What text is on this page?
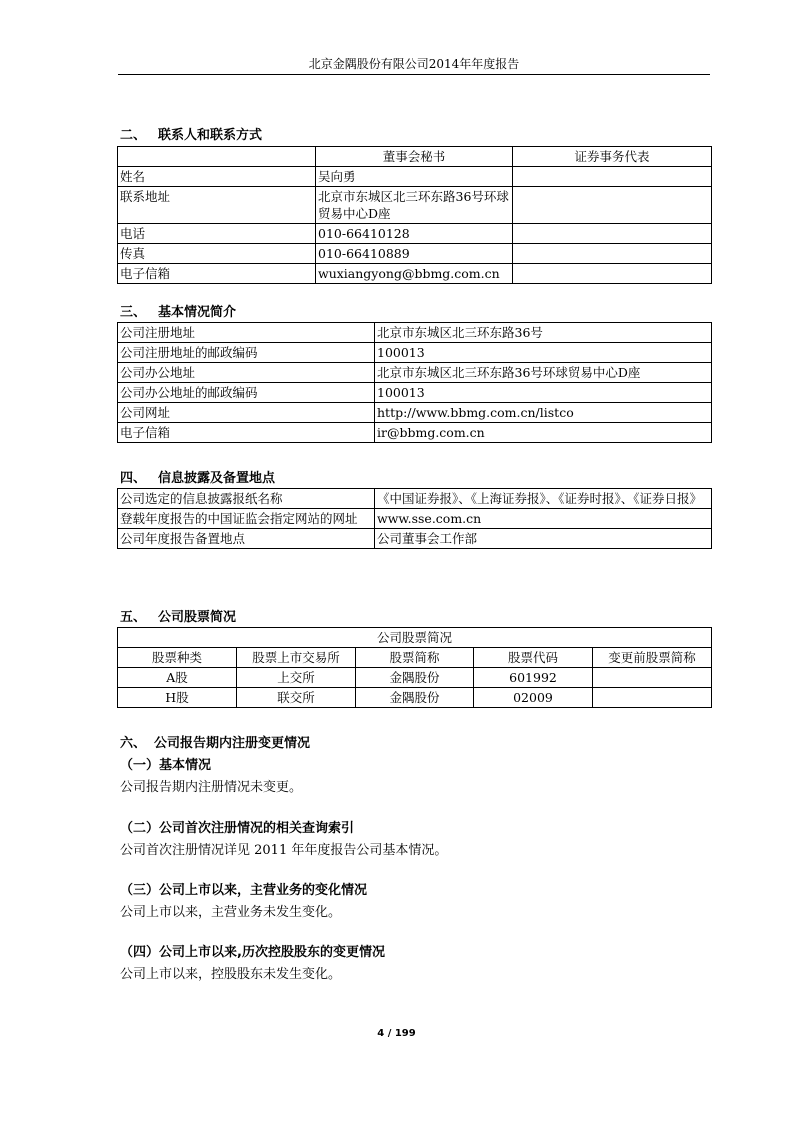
北京金隅股份有限公司2014年年度报告
二、 联系人和联系方式
	董事会秘书	证券事务代表
姓名	吴向勇	
联系地址	北京市东城区北三环东路36号环球贸易中心D座	
电话	010-66410128	
传真	010-66410889	
电子信箱	wuxiangyong@bbmg.com.cn	
三、 基本情况简介
公司注册地址	北京市东城区北三环东路36号
公司注册地址的邮政编码	100013
公司办公地址	北京市东城区北三环东路36号环球贸易中心D座
公司办公地址的邮政编码	100013
公司网址	http://www.bbmg.com.cn/listco
电子信箱	ir@bbmg.com.cn
四、 信息披露及备置地点
公司选定的信息披露报纸名称	《中国证券报》、《上海证券报》、《证券时报》、《证券日报》
登载年度报告的中国证监会指定网站的网址	www.sse.com.cn
公司年度报告备置地点	公司董事会工作部
五、 公司股票简况
公司股票简况				
股票种类	股票上市交易所	股票简称	股票代码	变更前股票简称
A股	上交所	金隅股份	601992	
H股	联交所	金隅股份	02009	
六、 公司报告期内注册变更情况
（一）基本情况
公司报告期内注册情况未变更。
（二）公司首次注册情况的相关查询索引
公司首次注册情况详见 2011 年年度报告公司基本情况。
（三）公司上市以来，主营业务的变化情况
公司上市以来，主营业务未发生变化。
（四）公司上市以来,历次控股股东的变更情况
公司上市以来，控股股东未发生变化。
4 / 199
